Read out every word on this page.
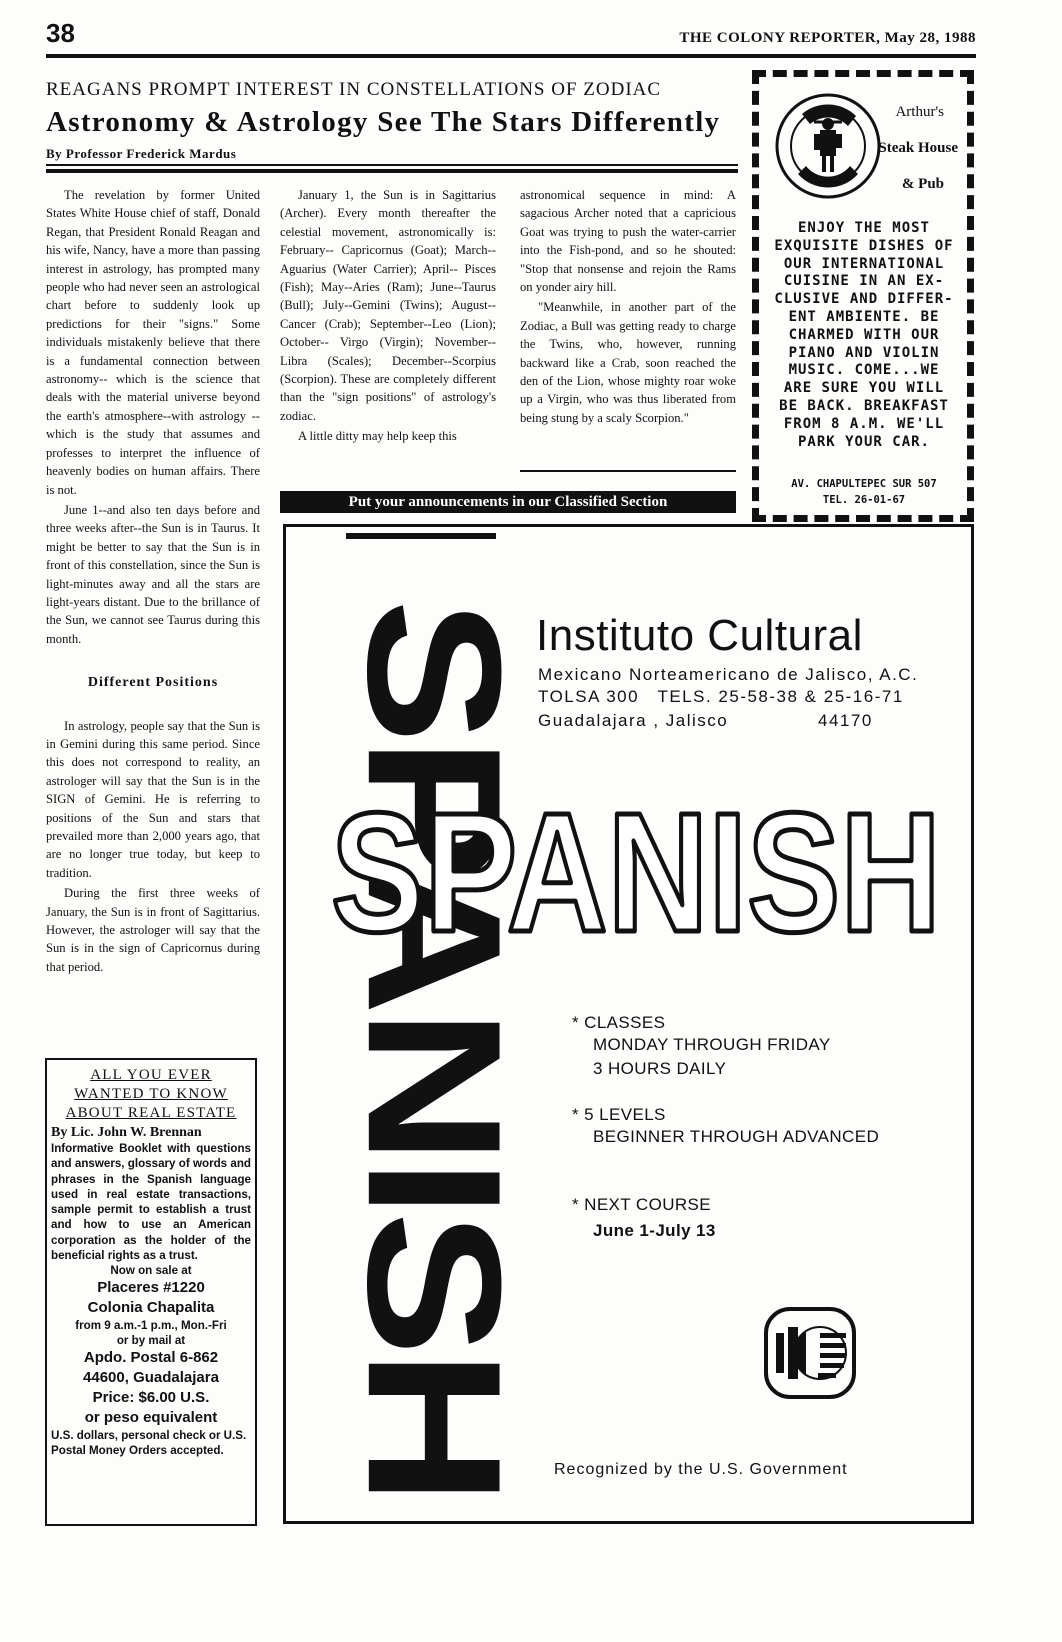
38	THE COLONY REPORTER, May 28, 1988
REAGANS PROMPT INTEREST IN CONSTELLATIONS OF ZODIAC
Astronomy & Astrology See The Stars Differently
By Professor Frederick Mardus

The revelation by former United States White House chief of staff, Donald Regan, that President Ronald Reagan and his wife, Nancy, have a more than passing interest in astrology, has prompted many people who had never seen an astrological chart before to suddenly look up predictions for their "signs." Some individuals mistakenly believe that there is a fundamental connection between astronomy-- which is the science that deals with the material universe beyond the earth's atmosphere--with astrology --which is the study that assumes and professes to interpret the influence of heavenly bodies on human affairs. There is not.

June 1--and also ten days before and three weeks after--the Sun is in Taurus. It might be better to say that the Sun is in front of this constellation, since the Sun is light-minutes away and all the stars are light-years distant. Due to the brillance of the Sun, we cannot see Taurus during this month.

Different Positions

In astrology, people say that the Sun is in Gemini during this same period. Since this does not correspond to reality, an astrologer will say that the Sun is in the SIGN of Gemini. He is referring to positions of the Sun and stars that prevailed more than 2,000 years ago, that are no longer true today, but keep to tradition.

During the first three weeks of January, the Sun is in front of Sagittarius. However, the astrologer will say that the Sun is in the sign of Capricornus during that period.

January 1, the Sun is in Sagittarius (Archer). Every month thereafter the celestial movement, astronomically is: February-- Capricornus (Goat); March-- Aguarius (Water Carrier); April-- Pisces (Fish); May--Aries (Ram); June--Taurus (Bull); July--Gemini (Twins); August--Cancer (Crab); September--Leo (Lion); October-- Virgo (Virgin); November--Libra (Scales); December--Scorpius (Scorpion). These are completely different than the "sign positions" of astrology's zodiac.

A little ditty may help keep this

astronomical sequence in mind: A sagacious Archer noted that a capricious Goat was trying to push the water-carrier into the Fish-pond, and so he shouted: "Stop that nonsense and rejoin the Rams on yonder airy hill.

"Meanwhile, in another part of the Zodiac, a Bull was getting ready to charge the Twins, who, however, running backward like a Crab, soon reached the den of the Lion, whose mighty roar woke up a Virgin, who was thus liberated from being stung by a scaly Scorpion."

Put your announcements in our Classified Section
ALL YOU EVER
WANTED TO KNOW
ABOUT REAL ESTATE
By Lic. John W. Brennan
Informative Booklet with questions and answers, glossary of words and phrases in the Spanish language used in real estate transactions, sample permit to establish a trust and how to use an American corporation as the holder of the beneficial rights as a trust.
Now on sale at
Placeres #1220
Colonia Chapalita
from 9 a.m.-1 p.m., Mon.-Fri
or by mail at
Apdo. Postal 6-862
44600, Guadalajara
Price: $6.00 U.S.
or peso equivalent
U.S. dollars, personal check or U.S. Postal Money Orders accepted.
Arthur's
Steak House
& Pub
ENJOY THE MOST
EXQUISITE DISHES OF
OUR INTERNATIONAL
CUISINE IN AN EX-
CLUSIVE AND DIFFER-
ENT AMBIENTE. BE
CHARMED WITH OUR
PIANO AND VIOLIN
MUSIC. COME...WE
ARE SURE YOU WILL
BE BACK. BREAKFAST
FROM 8 A.M. WE'LL
PARK YOUR CAR.
AV. CHAPULTEPEC SUR 507
TEL. 26-01-67
SPANISH
Instituto Cultural
Mexicano Norteamericano de Jalisco, A.C.
TOLSA 300   TELS. 25-58-38 & 25-16-71
Guadalajara , Jalisco	44170
SPANISH
* CLASSES
MONDAY THROUGH FRIDAY
3 HOURS DAILY
* 5 LEVELS
BEGINNER THROUGH ADVANCED
* NEXT COURSE
June 1-July 13
★
★
Recognized by the U.S. Government
